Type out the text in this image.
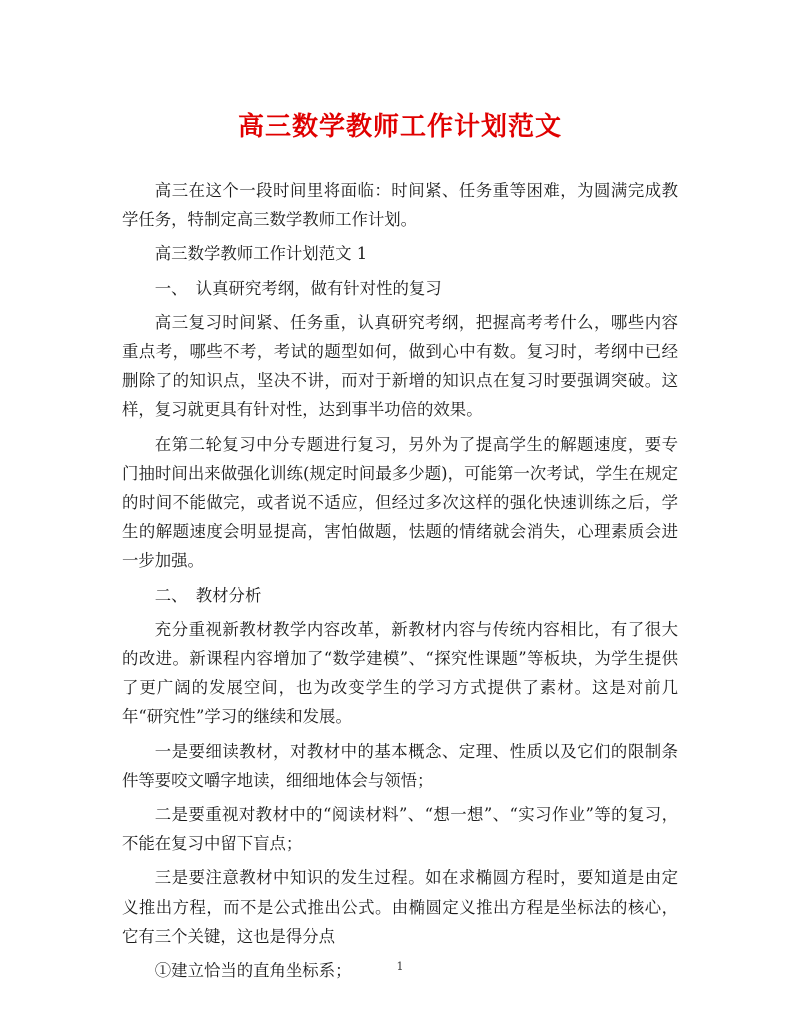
高三数学教师工作计划范文

高三在这个一段时间里将面临：时间紧、任务重等困难，为圆满完成教学任务，特制定高三数学教师工作计划。

高三数学教师工作计划范文 1

一、　认真研究考纲，做有针对性的复习

高三复习时间紧、任务重，认真研究考纲，把握高考考什么，哪些内容重点考，哪些不考，考试的题型如何，做到心中有数。复习时，考纲中已经删除了的知识点，坚决不讲，而对于新增的知识点在复习时要强调突破。这样，复习就更具有针对性，达到事半功倍的效果。

在第二轮复习中分专题进行复习，另外为了提高学生的解题速度，要专门抽时间出来做强化训练(规定时间最多少题)，可能第一次考试，学生在规定的时间不能做完，或者说不适应，但经过多次这样的强化快速训练之后，学生的解题速度会明显提高，害怕做题，怯题的情绪就会消失，心理素质会进一步加强。

二、　教材分析

充分重视新教材教学内容改革，新教材内容与传统内容相比，有了很大的改进。新课程内容增加了“数学建模”、“探究性课题”等板块，为学生提供了更广阔的发展空间，也为改变学生的学习方式提供了素材。这是对前几年“研究性”学习的继续和发展。

一是要细读教材，对教材中的基本概念、定理、性质以及它们的限制条件等要咬文嚼字地读，细细地体会与领悟；

二是要重视对教材中的“阅读材料”、“想一想”、“实习作业”等的复习，不能在复习中留下盲点；

三是要注意教材中知识的发生过程。如在求椭圆方程时，要知道是由定义推出方程，而不是公式推出公式。由椭圆定义推出方程是坐标法的核心，它有三个关键，这也是得分点

①建立恰当的直角坐标系；	1
